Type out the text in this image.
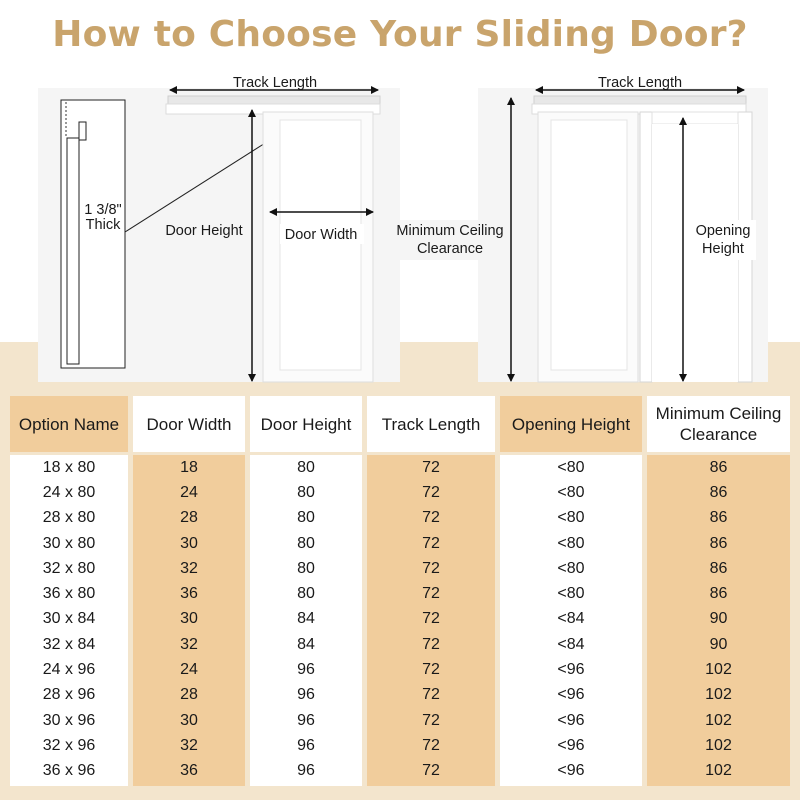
How to Choose Your Sliding Door?
Track Length
1 3/8"
Thick	Door Height	Door Width
Track Length
Minimum Ceiling
Clearance
Opening
Height
Option Name
18 x 80
24 x 80
28 x 80
30 x 80
32 x 80
36 x 80
30 x 84
32 x 84
24 x 96
28 x 96
30 x 96
32 x 96
36 x 96
Door Width
18
24
28
30
32
36
30
32
24
28
30
32
36
Door Height
80
80
80
80
80
80
84
84
96
96
96
96
96
Track Length
72
72
72
72
72
72
72
72
72
72
72
72
72
Opening Height
<80
<80
<80
<80
<80
<80
<84
<84
<96
<96
<96
<96
<96
Minimum Ceiling Clearance
86
86
86
86
86
86
90
90
102
102
102
102
102
